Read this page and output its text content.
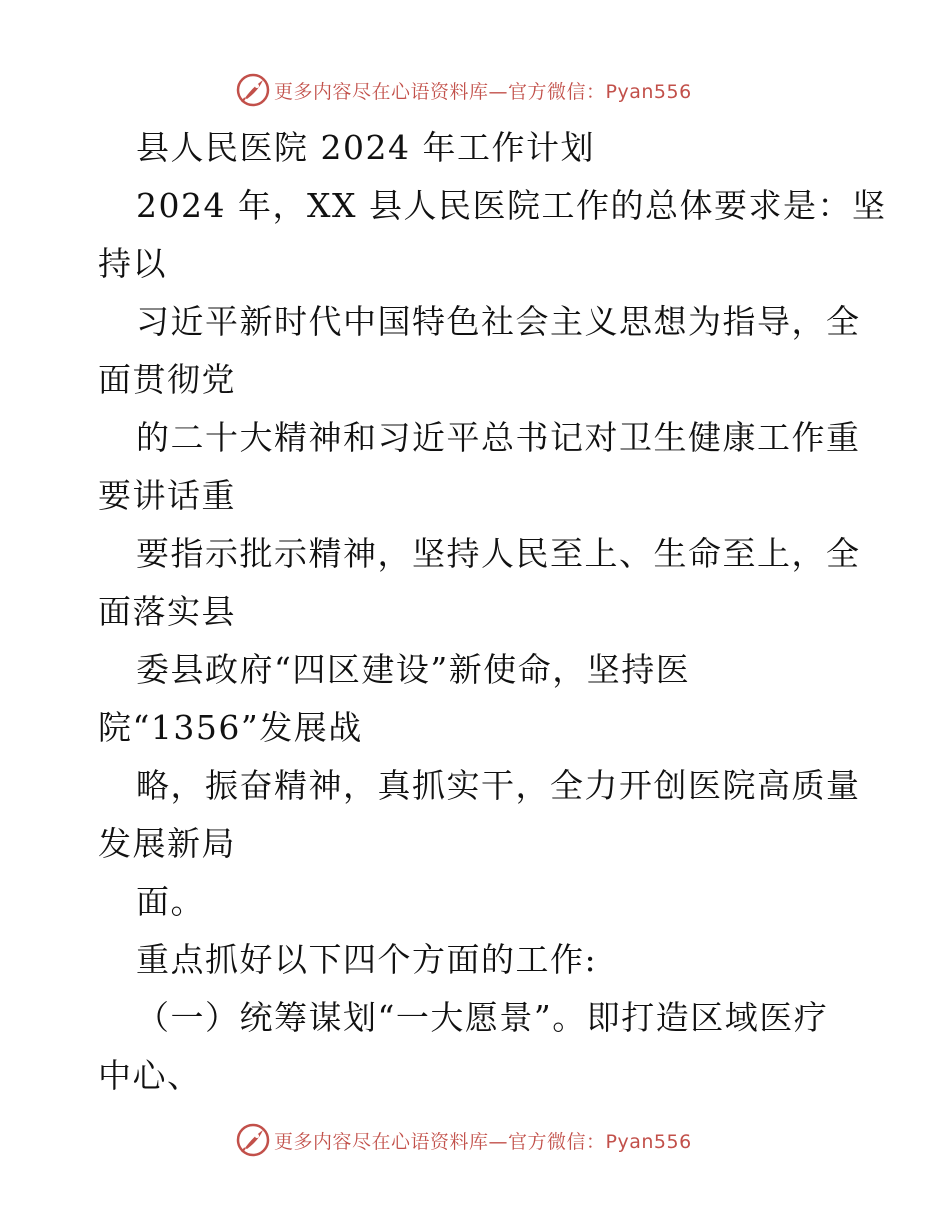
更多内容尽在心语资料库—官方微信：Pyan556
县人民医院 2024 年工作计划
2024 年，XX 县人民医院工作的总体要求是：坚
持以
习近平新时代中国特色社会主义思想为指导，全
面贯彻党
的二十大精神和习近平总书记对卫生健康工作重
要讲话重
要指示批示精神，坚持人民至上、生命至上，全
面落实县
委县政府“四区建设”新使命，坚持医
院“1356”发展战
略，振奋精神，真抓实干，全力开创医院高质量
发展新局
面。
重点抓好以下四个方面的工作:
（一）统筹谋划“一大愿景”。即打造区域医疗
中心、
更多内容尽在心语资料库—官方微信：Pyan556
